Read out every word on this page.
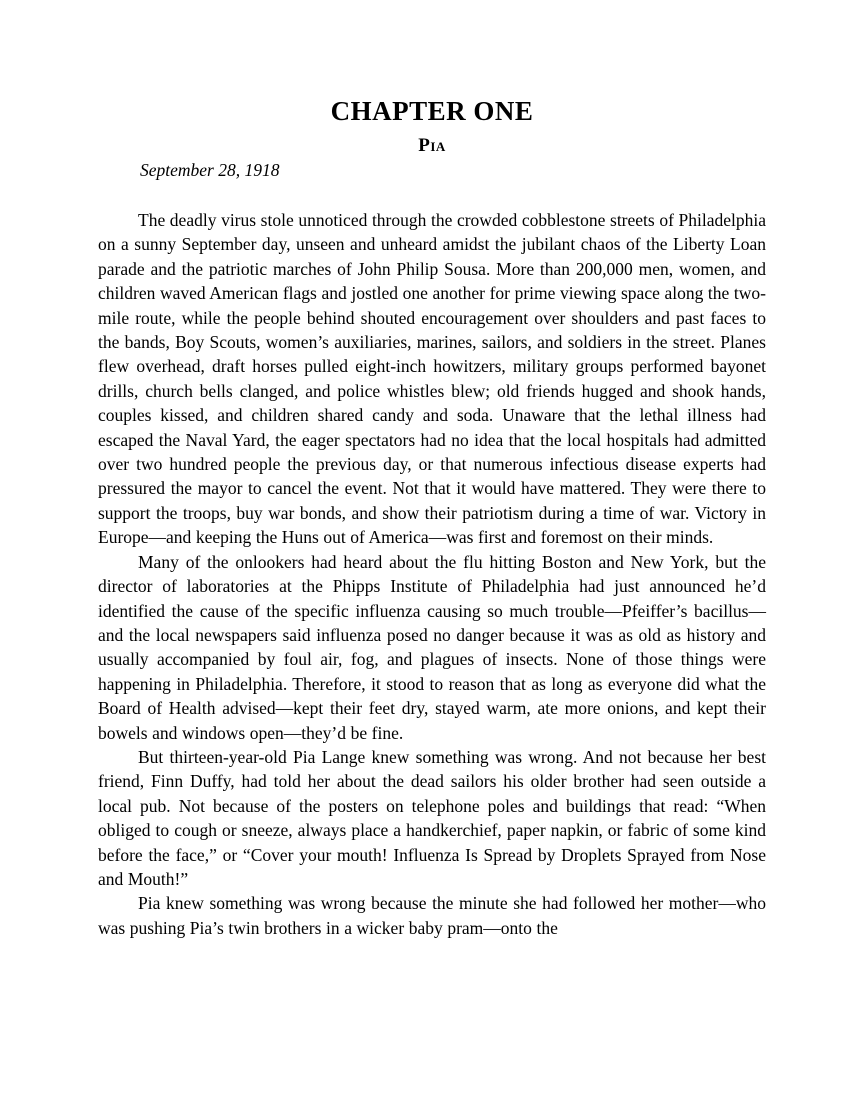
CHAPTER ONE
Pia
September 28, 1918

The deadly virus stole unnoticed through the crowded cobblestone streets of Philadelphia on a sunny September day, unseen and unheard amidst the jubilant chaos of the Liberty Loan parade and the patriotic marches of John Philip Sousa. More than 200,000 men, women, and children waved American flags and jostled one another for prime viewing space along the two-mile route, while the people behind shouted encouragement over shoulders and past faces to the bands, Boy Scouts, women’s auxiliaries, marines, sailors, and soldiers in the street. Planes flew overhead, draft horses pulled eight-inch howitzers, military groups performed bayonet drills, church bells clanged, and police whistles blew; old friends hugged and shook hands, couples kissed, and children shared candy and soda. Unaware that the lethal illness had escaped the Naval Yard, the eager spectators had no idea that the local hospitals had admitted over two hundred people the previous day, or that numerous infectious disease experts had pressured the mayor to cancel the event. Not that it would have mattered. They were there to support the troops, buy war bonds, and show their patriotism during a time of war. Victory in Europe—and keeping the Huns out of America—was first and foremost on their minds.

Many of the onlookers had heard about the flu hitting Boston and New York, but the director of laboratories at the Phipps Institute of Philadelphia had just announced he’d identified the cause of the specific influenza causing so much trouble—Pfeiffer’s bacillus—and the local newspapers said influenza posed no danger because it was as old as history and usually accompanied by foul air, fog, and plagues of insects. None of those things were happening in Philadelphia. Therefore, it stood to reason that as long as everyone did what the Board of Health advised—kept their feet dry, stayed warm, ate more onions, and kept their bowels and windows open—they’d be fine.

But thirteen-year-old Pia Lange knew something was wrong. And not because her best friend, Finn Duffy, had told her about the dead sailors his older brother had seen outside a local pub. Not because of the posters on telephone poles and buildings that read: “When obliged to cough or sneeze, always place a handkerchief, paper napkin, or fabric of some kind before the face,” or “Cover your mouth! Influenza Is Spread by Droplets Sprayed from Nose and Mouth!”

Pia knew something was wrong because the minute she had followed her mother—who was pushing Pia’s twin brothers in a wicker baby pram—onto the
